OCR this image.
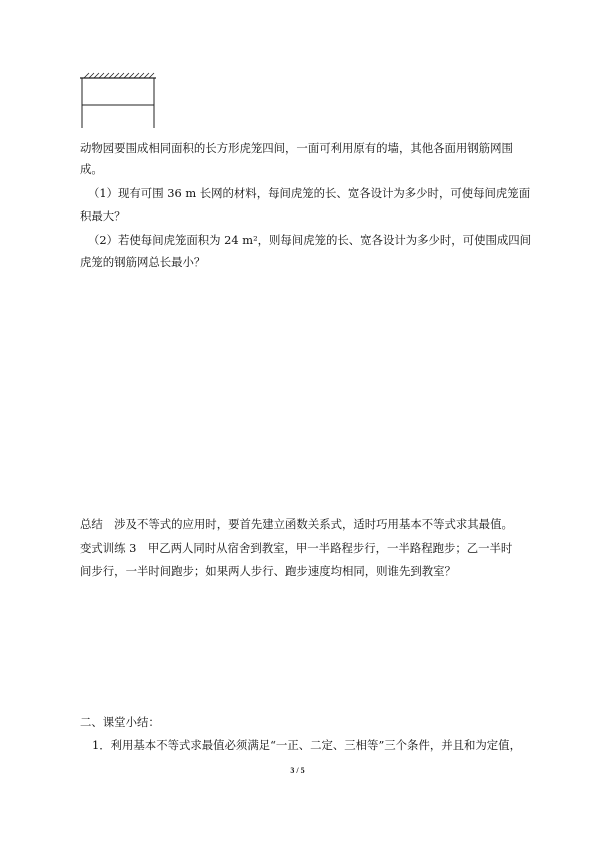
动物园要围成相同面积的长方形虎笼四间，一面可利用原有的墙，其他各面用钢筋网围
成。
（1）现有可围 36 m 长网的材料，每间虎笼的长、宽各设计为多少时，可使每间虎笼面
积最大？
（2）若使每间虎笼面积为 24 m²，则每间虎笼的长、宽各设计为多少时，可使围成四间
虎笼的钢筋网总长最小？
总结　涉及不等式的应用时，要首先建立函数关系式，适时巧用基本不等式求其最值。
变式训练 3　甲乙两人同时从宿舍到教室，甲一半路程步行，一半路程跑步；乙一半时
间步行，一半时间跑步；如果两人步行、跑步速度均相同，则谁先到教室？
二、课堂小结：
1．利用基本不等式求最值必须满足“一正、二定、三相等”三个条件，并且和为定值，
3 / 5
